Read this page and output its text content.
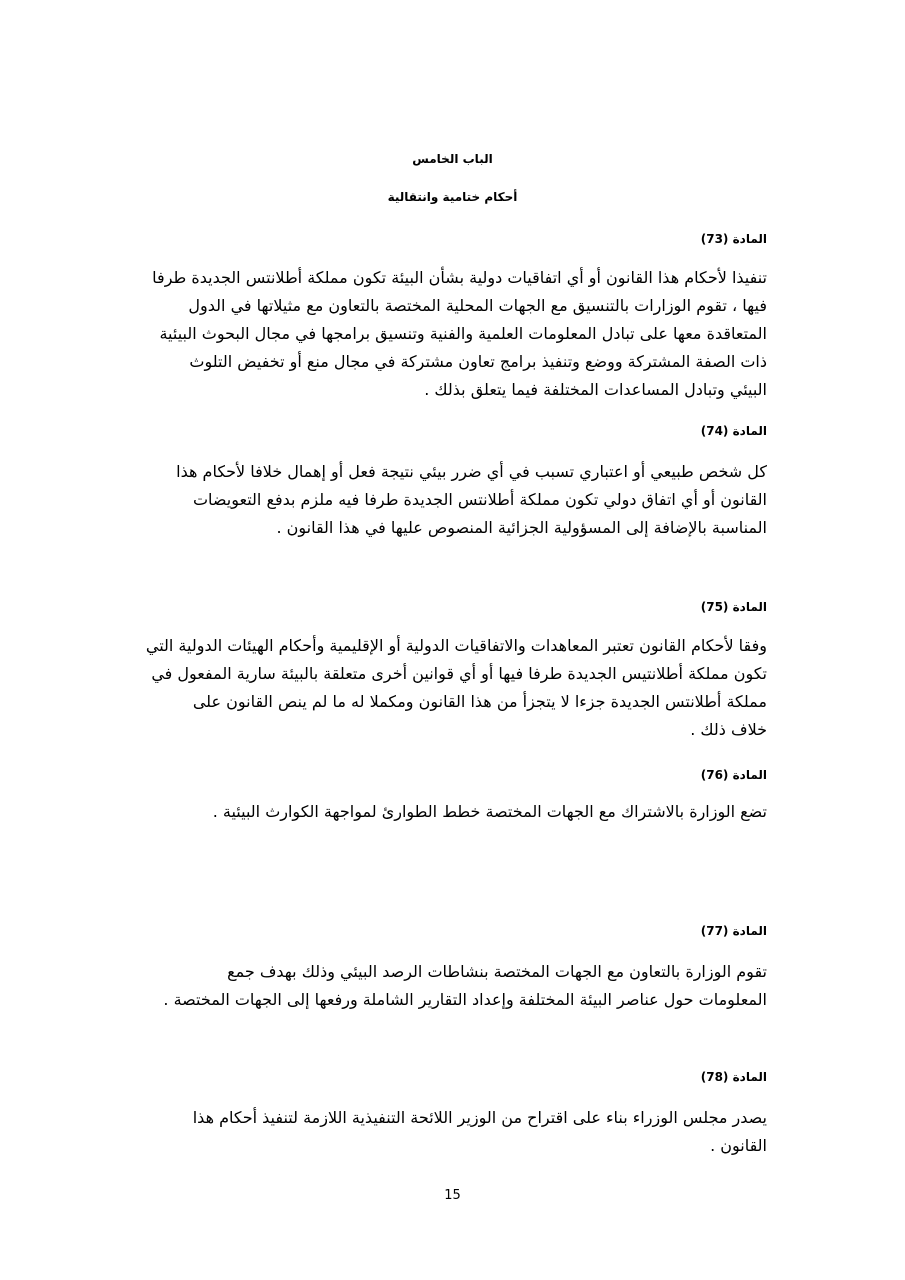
الباب الخامس
أحكام ختامية وانتقالية
المادة (73)
تنفيذا لأحكام هذا القانون أو أي اتفاقيات دولية بشأن البيئة تكون مملكة أطلانتس الجديدة طرفا
فيها ، تقوم الوزارات بالتنسيق مع الجهات المحلية المختصة بالتعاون مع مثيلاتها في الدول
المتعاقدة معها على تبادل المعلومات العلمية والفنية وتنسيق برامجها في مجال البحوث البيئية
ذات الصفة المشتركة ووضع وتنفيذ برامج تعاون مشتركة في مجال منع أو تخفيض التلوث
البيئي وتبادل المساعدات المختلفة فيما يتعلق بذلك .
المادة (74)
كل شخص طبيعي أو اعتباري تسبب في أي ضرر بيئي نتيجة فعل أو إهمال خلافا لأحكام هذا
القانون أو أي اتفاق دولي تكون مملكة أطلانتس الجديدة طرفا فيه ملزم بدفع التعويضات
المناسبة بالإضافة إلى المسؤولية الجزائية المنصوص عليها في هذا القانون .
المادة (75)
وفقا لأحكام القانون تعتبر المعاهدات والاتفاقيات الدولية أو الإقليمية وأحكام الهيئات الدولية التي
تكون مملكة أطلانتيس الجديدة طرفا فيها أو أي قوانين أخرى متعلقة بالبيئة سارية المفعول في
مملكة أطلانتس الجديدة جزءا لا يتجزأ من هذا القانون ومكملا له ما لم ينص القانون على
خلاف ذلك .
المادة (76)
تضع الوزارة بالاشتراك مع الجهات المختصة خطط الطوارئ لمواجهة الكوارث البيئية .
المادة (77)
تقوم الوزارة بالتعاون مع الجهات المختصة بنشاطات الرصد البيئي وذلك بهدف جمع
المعلومات حول عناصر البيئة المختلفة وإعداد التقارير الشاملة ورفعها إلى الجهات المختصة .
المادة (78)
يصدر مجلس الوزراء بناء على اقتراح من الوزير اللائحة التنفيذية اللازمة لتنفيذ أحكام هذا
القانون .
15
